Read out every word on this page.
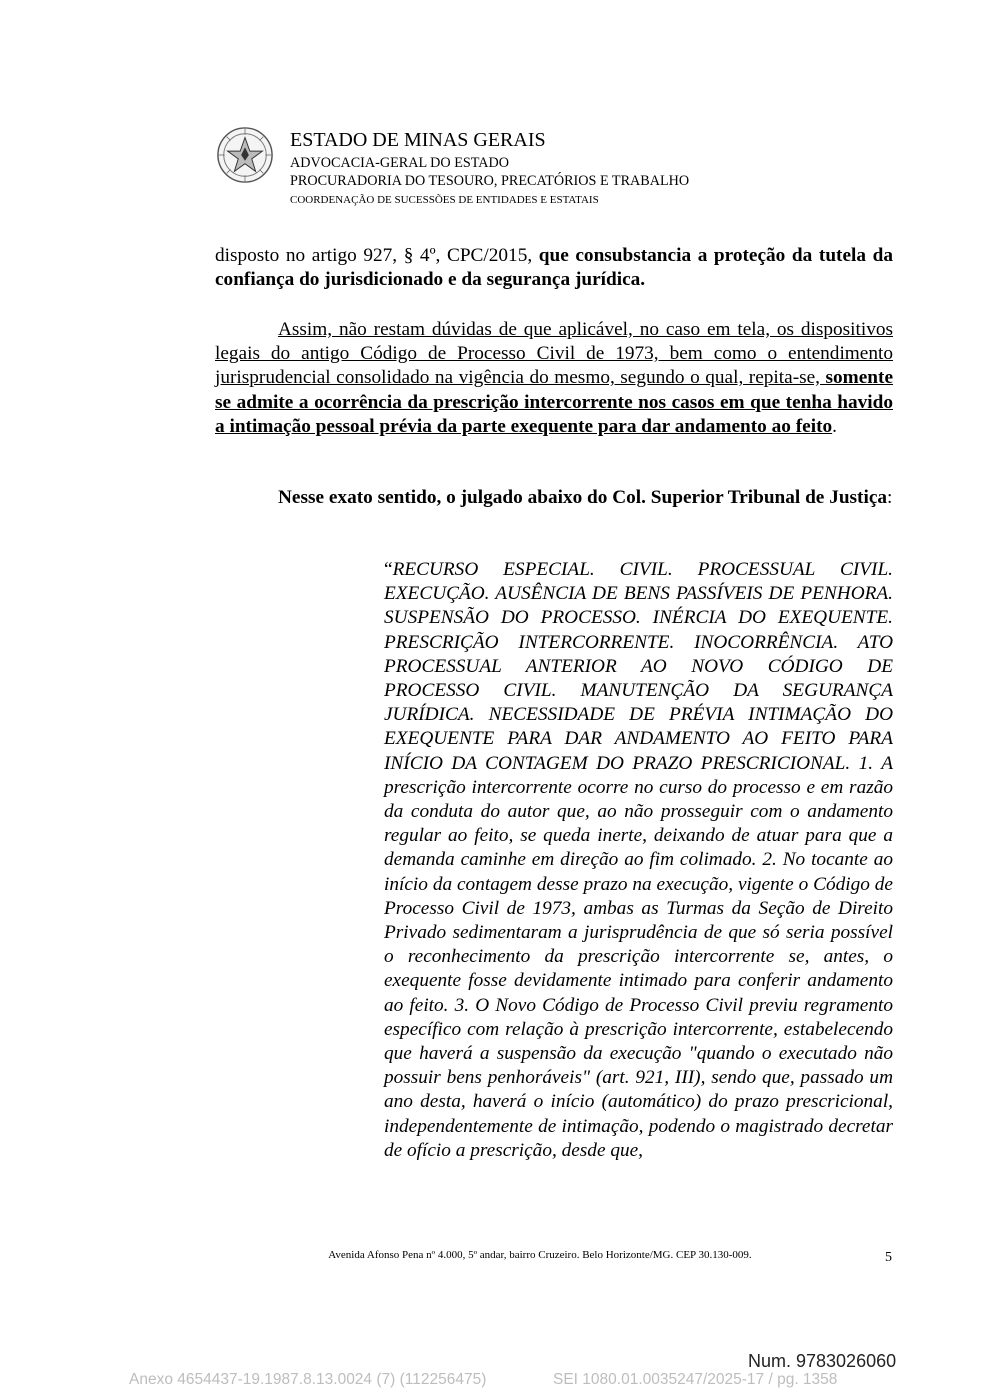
ESTADO DE MINAS GERAIS
ADVOCACIA-GERAL DO ESTADO
PROCURADORIA DO TESOURO, PRECATÓRIOS E TRABALHO
COORDENAÇÃO DE SUCESSÕES DE ENTIDADES E ESTATAIS
disposto no artigo 927, § 4º, CPC/2015, que consubstancia a proteção da tutela da confiança do jurisdicionado e da segurança jurídica.
Assim, não restam dúvidas de que aplicável, no caso em tela, os dispositivos legais do antigo Código de Processo Civil de 1973, bem como o entendimento jurisprudencial consolidado na vigência do mesmo, segundo o qual, repita-se, somente se admite a ocorrência da prescrição intercorrente nos casos em que tenha havido a intimação pessoal prévia da parte exequente para dar andamento ao feito.
Nesse exato sentido, o julgado abaixo do Col. Superior Tribunal de Justiça:
“RECURSO ESPECIAL. CIVIL. PROCESSUAL CIVIL. EXECUÇÃO. AUSÊNCIA DE BENS PASSÍVEIS DE PENHORA. SUSPENSÃO DO PROCESSO. INÉRCIA DO EXEQUENTE. PRESCRIÇÃO INTERCORRENTE. INOCORRÊNCIA. ATO PROCESSUAL ANTERIOR AO NOVO CÓDIGO DE PROCESSO CIVIL. MANUTENÇÃO DA SEGURANÇA JURÍDICA. NECESSIDADE DE PRÉVIA INTIMAÇÃO DO EXEQUENTE PARA DAR ANDAMENTO AO FEITO PARA INÍCIO DA CONTAGEM DO PRAZO PRESCRICIONAL. 1. A prescrição intercorrente ocorre no curso do processo e em razão da conduta do autor que, ao não prosseguir com o andamento regular ao feito, se queda inerte, deixando de atuar para que a demanda caminhe em direção ao fim colimado. 2. No tocante ao início da contagem desse prazo na execução, vigente o Código de Processo Civil de 1973, ambas as Turmas da Seção de Direito Privado sedimentaram a jurisprudência de que só seria possível o reconhecimento da prescrição intercorrente se, antes, o exequente fosse devidamente intimado para conferir andamento ao feito. 3. O Novo Código de Processo Civil previu regramento específico com relação à prescrição intercorrente, estabelecendo que haverá a suspensão da execução "quando o executado não possuir bens penhoráveis" (art. 921, III), sendo que, passado um ano desta, haverá o início (automático) do prazo prescricional, independentemente de intimação, podendo o magistrado decretar de ofício a prescrição, desde que,
Avenida Afonso Pena nº 4.000, 5º andar, bairro Cruzeiro. Belo Horizonte/MG. CEP 30.130-009.	5
Num. 9783026060
Anexo 4654437-19.1987.8.13.0024 (7) (112256475)	SEI 1080.01.0035247/2025-17 / pg. 1358
